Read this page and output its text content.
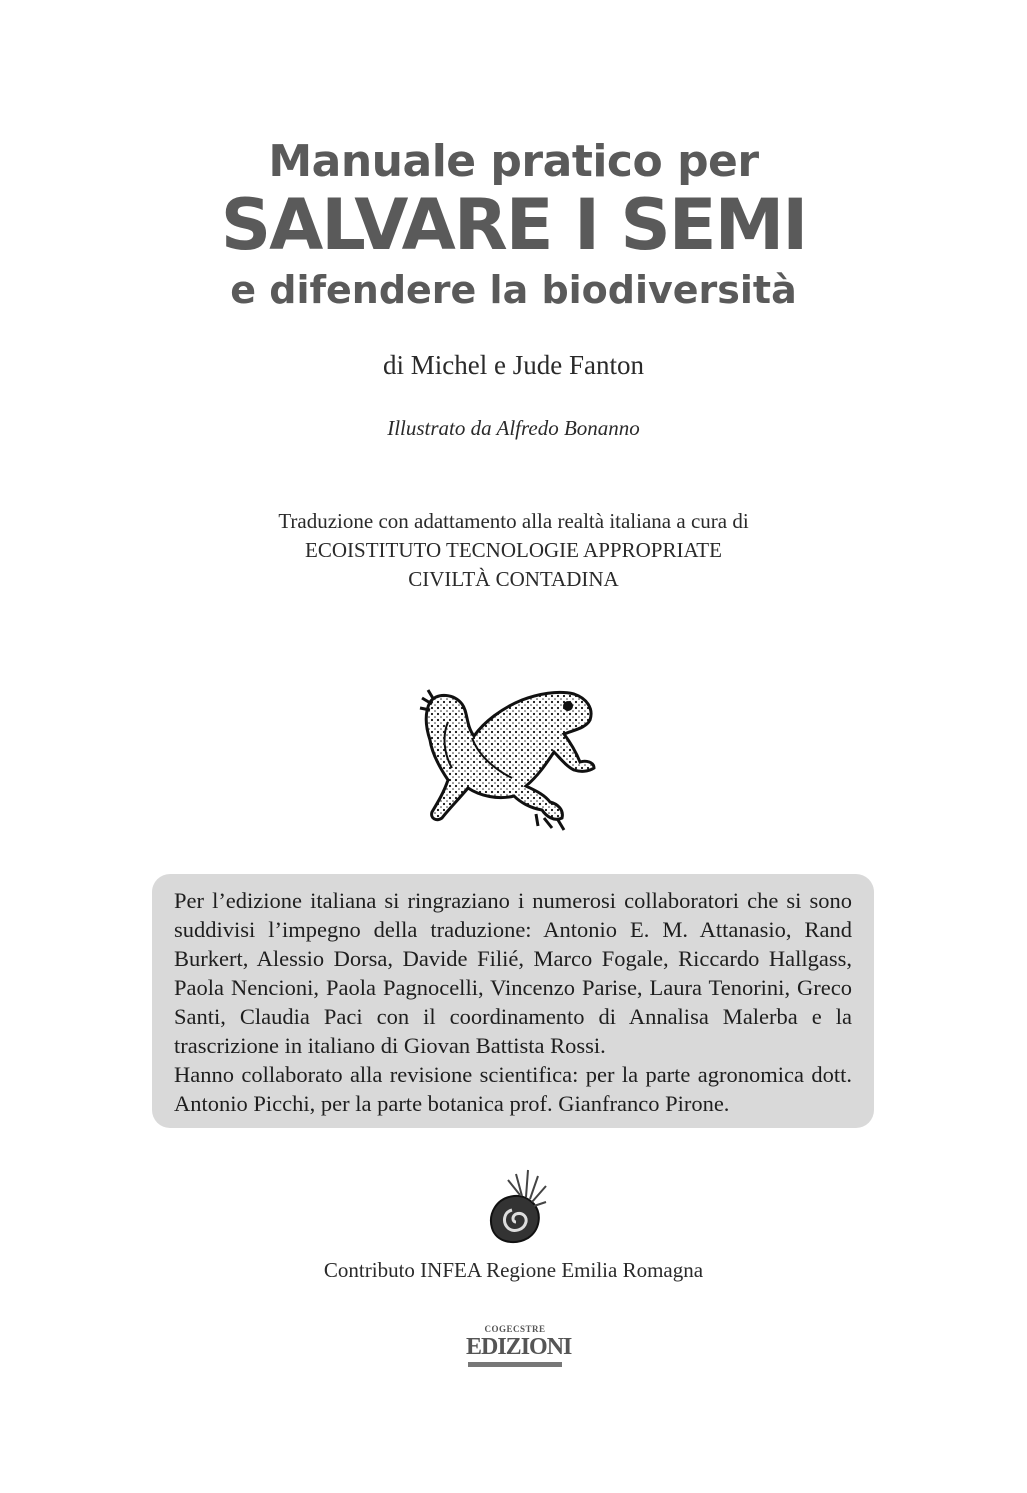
Manuale pratico per
SALVARE I SEMI
e difendere la biodiversità
di Michel e Jude Fanton
Illustrato da Alfredo Bonanno
Traduzione con adattamento alla realtà italiana a cura di
ECOISTITUTO TECNOLOGIE APPROPRIATE
CIVILTÀ CONTADINA

Per l’edizione italiana si ringraziano i numerosi collaboratori che si sono suddivisi l’impegno della traduzione: Antonio E. M. Attanasio, Rand Burkert, Alessio Dorsa, Davide Filié, Marco Fogale, Riccardo Hallgass, Paola Nencioni, Paola Pagnocelli, Vincenzo Parise, Laura Tenorini, Greco Santi, Claudia Paci con il coordinamento di Annalisa Malerba e la trascrizione in italiano di Giovan Battista Rossi.

Hanno collaborato alla revisione scientifica: per la parte agronomica dott. Antonio Picchi, per la parte botanica prof. Gianfranco Pirone.

Contributo INFEA Regione Emilia Romagna
COGECSTRE
EDIZIONI
